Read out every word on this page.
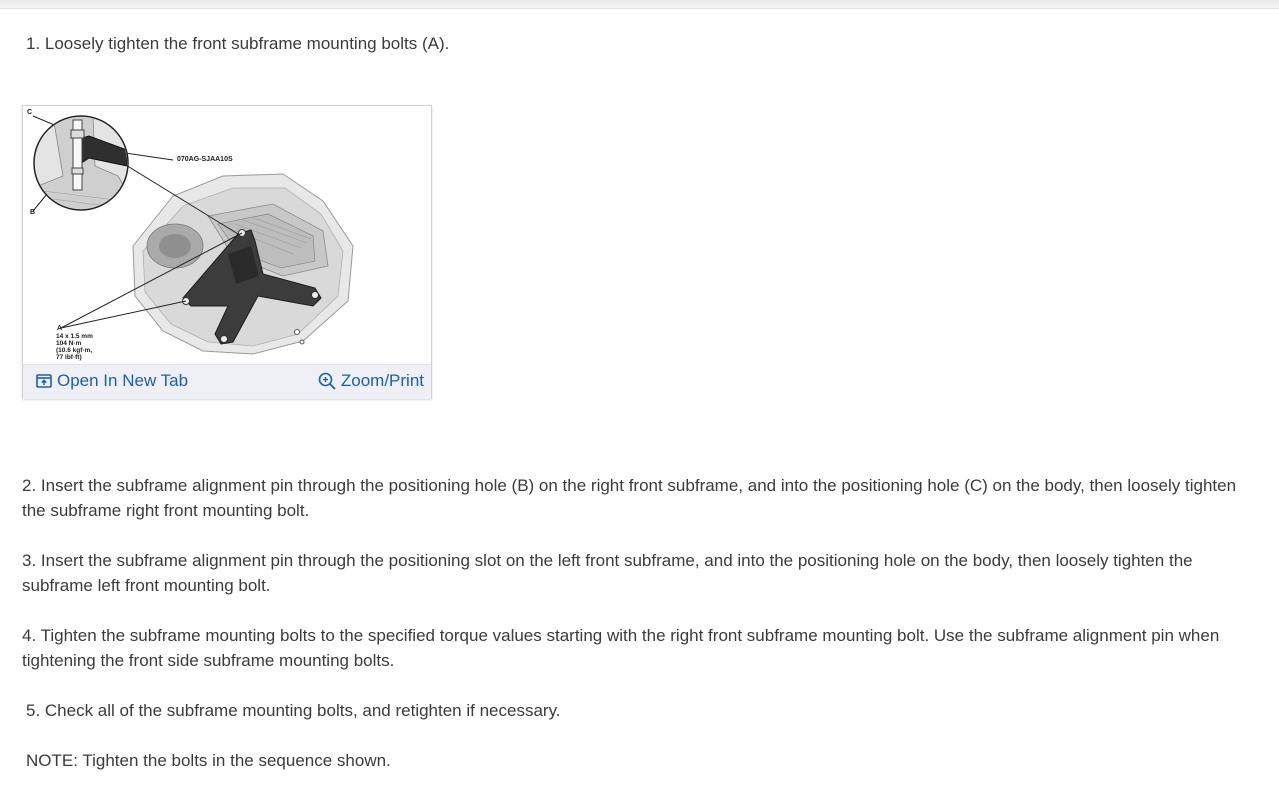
1. Loosely tighten the front subframe mounting bolts (A).

C
B
070AG-SJAA10S
A
14 x 1.5 mm
104 N·m
(10.6 kgf·m,
77 lbf·ft)
Open In New Tab	Zoom/Print

2. Insert the subframe alignment pin through the positioning hole (B) on the right front subframe, and into the positioning hole (C) on the body, then loosely tighten the subframe right front mounting bolt.

3. Insert the subframe alignment pin through the positioning slot on the left front subframe, and into the positioning hole on the body, then loosely tighten the subframe left front mounting bolt.

4. Tighten the subframe mounting bolts to the specified torque values starting with the right front subframe mounting bolt. Use the subframe alignment pin when tightening the front side subframe mounting bolts.

5. Check all of the subframe mounting bolts, and retighten if necessary.

NOTE: Tighten the bolts in the sequence shown.
